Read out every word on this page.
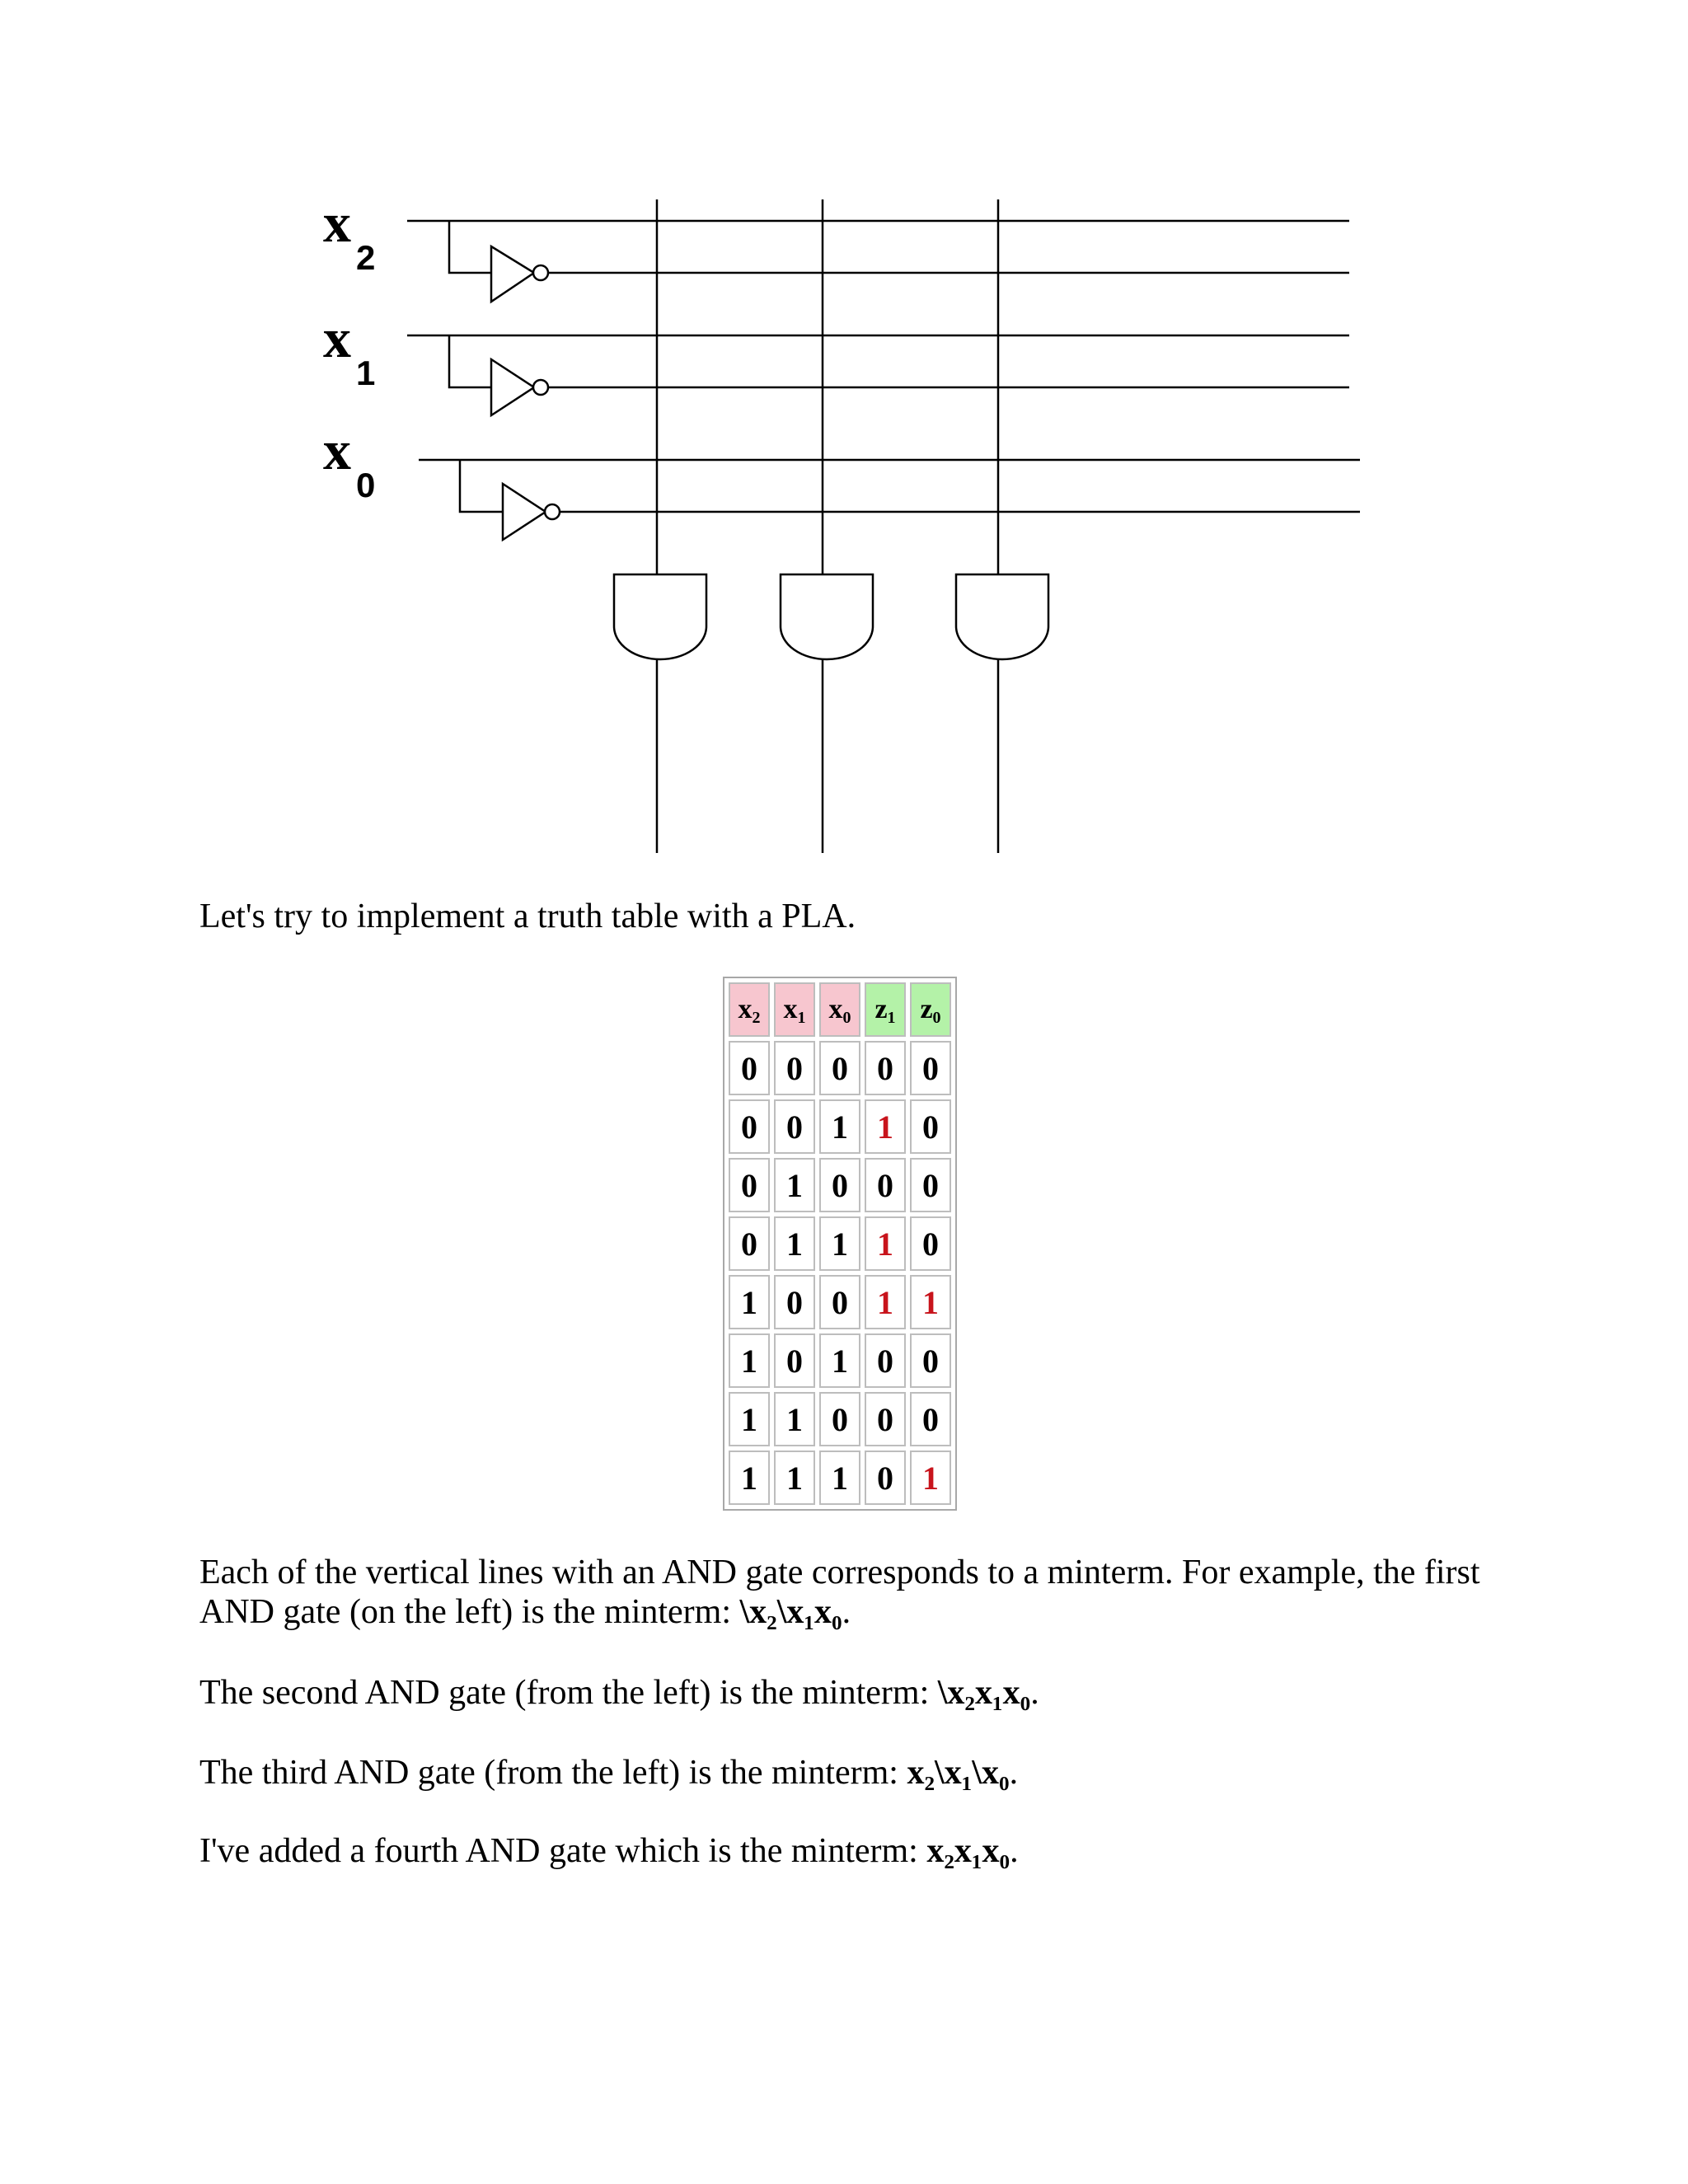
$x_2$
$x_1$
$x_0$

Let's try to implement a truth table with a PLA.

$x_2$	$x_1$	$x_0$	$z_1$	$z_0$
0	0	0	0	0
0	0	1	1	0
0	1	0	0	0
0	1	1	1	0
1	0	0	1	1
1	0	1	0	0
1	1	0	0	0
1	1	1	0	1

Each of the vertical lines with an AND gate corresponds to a minterm. For example, the first AND gate (on the left) is the minterm: \x₂\x₁x₀.

The second AND gate (from the left) is the minterm: \x₂x₁x₀.

The third AND gate (from the left) is the minterm: x₂\x₁\x₀.

I've added a fourth AND gate which is the minterm: x₂x₁x₀.
